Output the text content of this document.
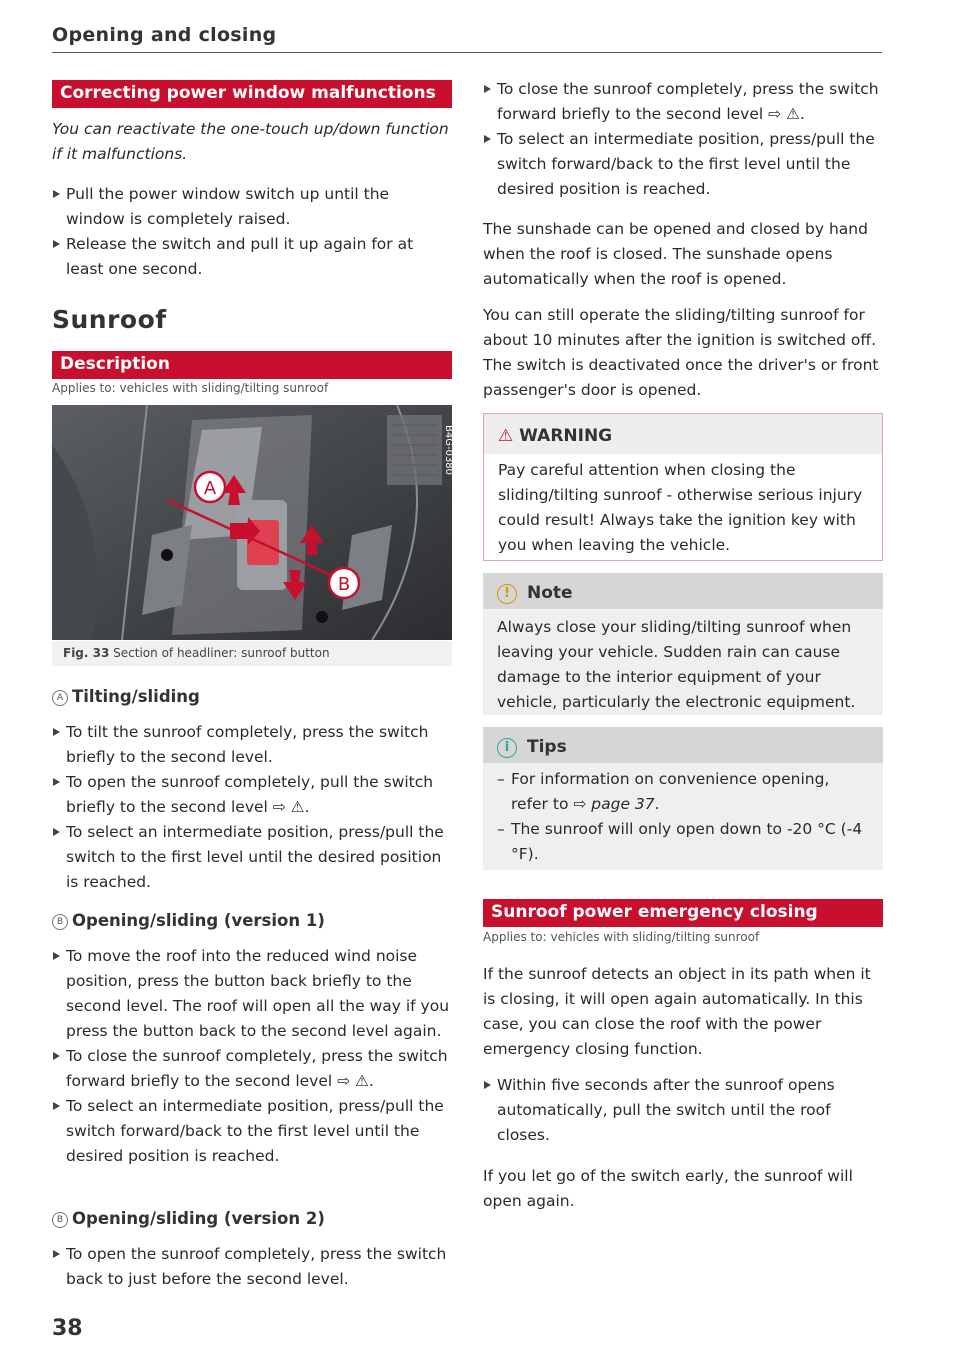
Opening and closing
Correcting power window malfunctions

You can reactivate the one-touch up/down function if it malfunctions.

Pull the power window switch up until the window is completely raised.
Release the switch and pull it up again for at least one second.
Sunroof
Description
Applies to: vehicles with sliding/tilting sunroof
A
B
B4G-0380
Fig. 33 Section of headliner: sunroof button
A Tilting/sliding
To tilt the sunroof completely, press the switch briefly to the second level.
To open the sunroof completely, pull the switch briefly to the second level ⇨ ⚠.
To select an intermediate position, press/pull the switch to the first level until the desired position is reached.
B Opening/sliding (version 1)
To move the roof into the reduced wind noise position, press the button back briefly to the second level. The roof will open all the way if you press the button back to the second level again.
To close the sunroof completely, press the switch forward briefly to the second level ⇨ ⚠.
To select an intermediate position, press/pull the switch forward/back to the first level until the desired position is reached.
B Opening/sliding (version 2)
To open the sunroof completely, press the switch back to just before the second level.
38
To close the sunroof completely, press the switch forward briefly to the second level ⇨ ⚠.
To select an intermediate position, press/pull the switch forward/back to the first level until the desired position is reached.

The sunshade can be opened and closed by hand when the roof is closed. The sunshade opens automatically when the roof is opened.

You can still operate the sliding/tilting sunroof for about 10 minutes after the ignition is switched off. The switch is deactivated once the driver's or front passenger's door is opened.

⚠ WARNING
Pay careful attention when closing the sliding/tilting sunroof - otherwise serious injury could result! Always take the ignition key with you when leaving the vehicle.
! Note
Always close your sliding/tilting sunroof when leaving your vehicle. Sudden rain can cause damage to the interior equipment of your vehicle, particularly the electronic equipment.
i Tips
– For information on convenience opening, refer to ⇨ page 37.
– The sunroof will only open down to -20 °C (-4 °F).
Sunroof power emergency closing
Applies to: vehicles with sliding/tilting sunroof

If the sunroof detects an object in its path when it is closing, it will open again automatically. In this case, you can close the roof with the power emergency closing function.

Within five seconds after the sunroof opens automatically, pull the switch until the roof closes.

If you let go of the switch early, the sunroof will open again.
